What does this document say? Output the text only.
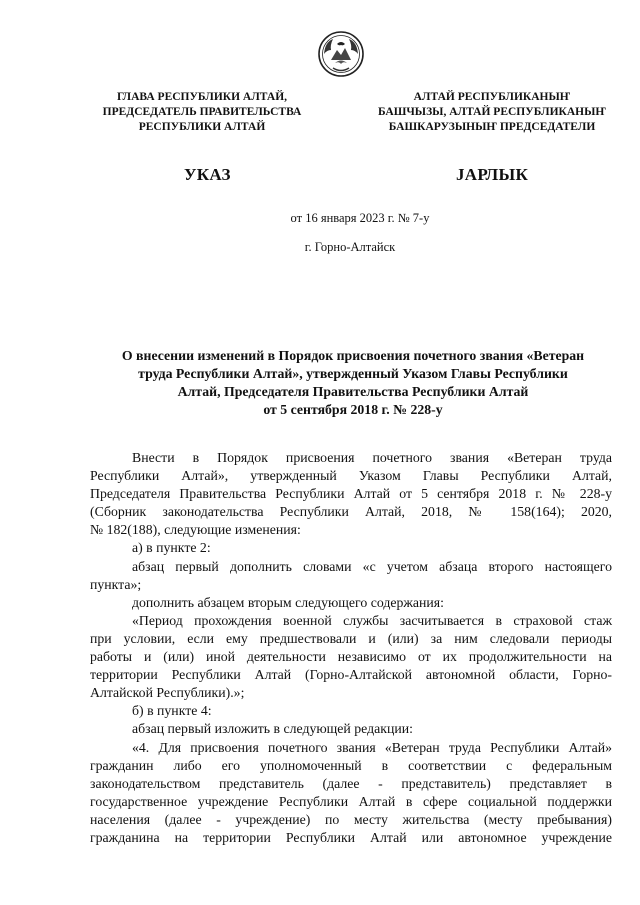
ГЛАВА РЕСПУБЛИКИ АЛТАЙ,
ПРЕДСЕДАТЕЛЬ ПРАВИТЕЛЬСТВА
РЕСПУБЛИКИ АЛТАЙ
АЛТАЙ РЕСПУБЛИКАНЫҤ
БАШЧЫЗЫ, АЛТАЙ РЕСПУБЛИКАНЫҤ
БАШКАРУЗЫНЫҤ ПРЕДСЕДАТЕЛИ
УКАЗ	JАРЛЫК
от 16 января 2023 г. № 7-у
г. Горно-Алтайск
О внесении изменений в Порядок присвоения почетного звания «Ветеран
труда Республики Алтай», утвержденный Указом Главы Республики
Алтай, Председателя Правительства Республики Алтай
от 5 сентября 2018 г. № 228-у
Внести в Порядок присвоения почетного звания «Ветеран труда
Республики Алтай», утвержденный Указом Главы Республики Алтай,
Председателя Правительства Республики Алтай от 5 сентября 2018 г. № 228-у
(Сборник законодательства Республики Алтай, 2018, № 158(164); 2020,
№ 182(188), следующие изменения:
а) в пункте 2:
абзац первый дополнить словами «с учетом абзаца второго настоящего
пункта»;
дополнить абзацем вторым следующего содержания:
«Период прохождения военной службы засчитывается в страховой стаж
при условии, если ему предшествовали и (или) за ним следовали периоды
работы и (или) иной деятельности независимо от их продолжительности на
территории Республики Алтай (Горно-Алтайской автономной области, Горно-
Алтайской Республики).»;
б) в пункте 4:
абзац первый изложить в следующей редакции:
«4. Для присвоения почетного звания «Ветеран труда Республики Алтай»
гражданин либо его уполномоченный в соответствии с федеральным
законодательством представитель (далее - представитель) представляет в
государственное учреждение Республики Алтай в сфере социальной поддержки
населения (далее - учреждение) по месту жительства (месту пребывания)
гражданина на территории Республики Алтай или автономное учреждение
